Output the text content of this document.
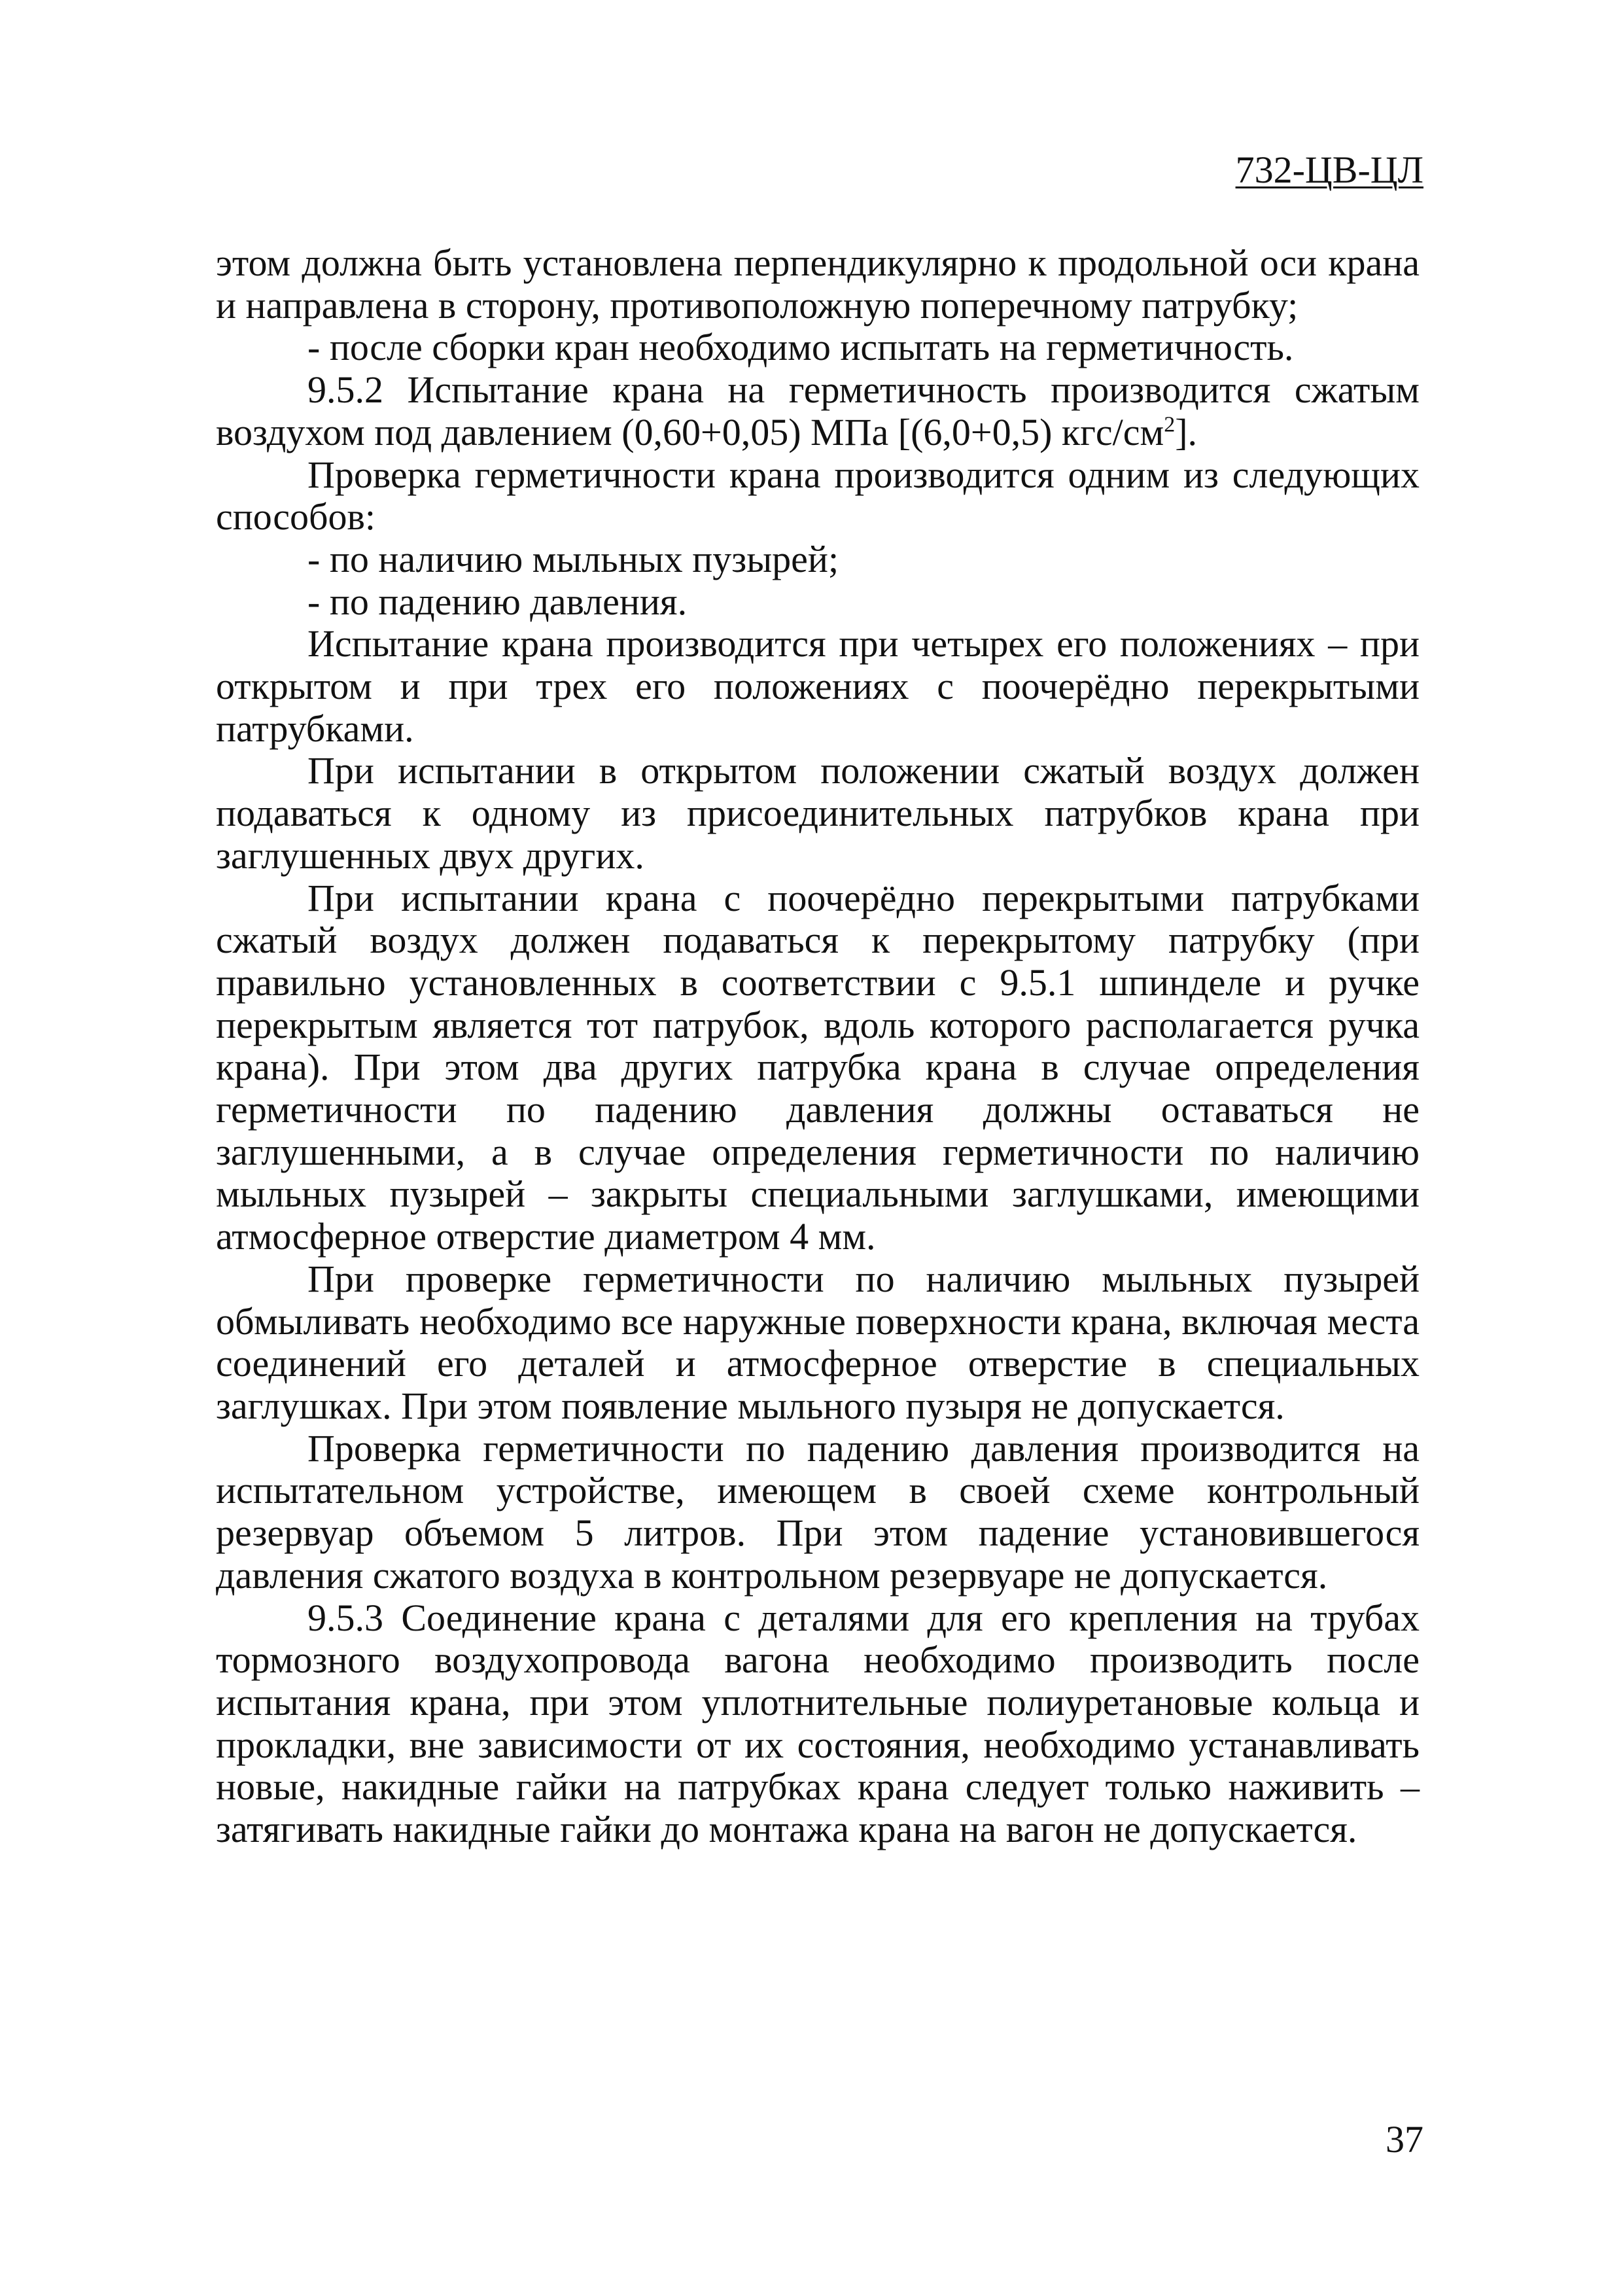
732-ЦВ-ЦЛ

этом должна быть установлена перпендикулярно к продольной оси крана и направлена в сторону, противоположную поперечному патрубку;

- после сборки кран необходимо испытать на герметичность.

9.5.2 Испытание крана на герметичность производится сжатым воздухом под давлением (0,60+0,05) МПа [(6,0+0,5) кгс/$см^2$].

Проверка герметичности крана производится одним из следующих способов:

- по наличию мыльных пузырей;

- по падению давления.

Испытание крана производится при четырех его положениях – при открытом и при трех его положениях с поочерёдно перекрытыми патрубками.

При испытании в открытом положении сжатый воздух должен подаваться к одному из присоединительных патрубков крана при заглушенных двух других.

При испытании крана с поочерёдно перекрытыми патрубками сжатый воздух должен подаваться к перекрытому патрубку (при правильно установленных в соответствии с 9.5.1 шпинделе и ручке перекрытым является тот патрубок, вдоль которого располагается ручка крана). При этом два других патрубка крана в случае определения герметичности по падению давления должны оставаться не заглушенными, а в случае определения герметичности по наличию мыльных пузырей – закрыты специальными заглушками, имеющими атмосферное отверстие диаметром 4 мм.

При проверке герметичности по наличию мыльных пузырей обмыливать необходимо все наружные поверхности крана, включая места соединений его деталей и атмосферное отверстие в специальных заглушках. При этом появление мыльного пузыря не допускается.

Проверка герметичности по падению давления производится на испытательном устройстве, имеющем в своей схеме контрольный резервуар объемом 5 литров. При этом падение установившегося давления сжатого воздуха в контрольном резервуаре не допускается.

9.5.3 Соединение крана с деталями для его крепления на трубах тормозного воздухопровода вагона необходимо производить после испытания крана, при этом уплотнительные полиуретановые кольца и прокладки, вне зависимости от их состояния, необходимо устанавливать новые, накидные гайки на патрубках крана следует только наживить – затягивать накидные гайки до монтажа крана на вагон не допускается.

37
